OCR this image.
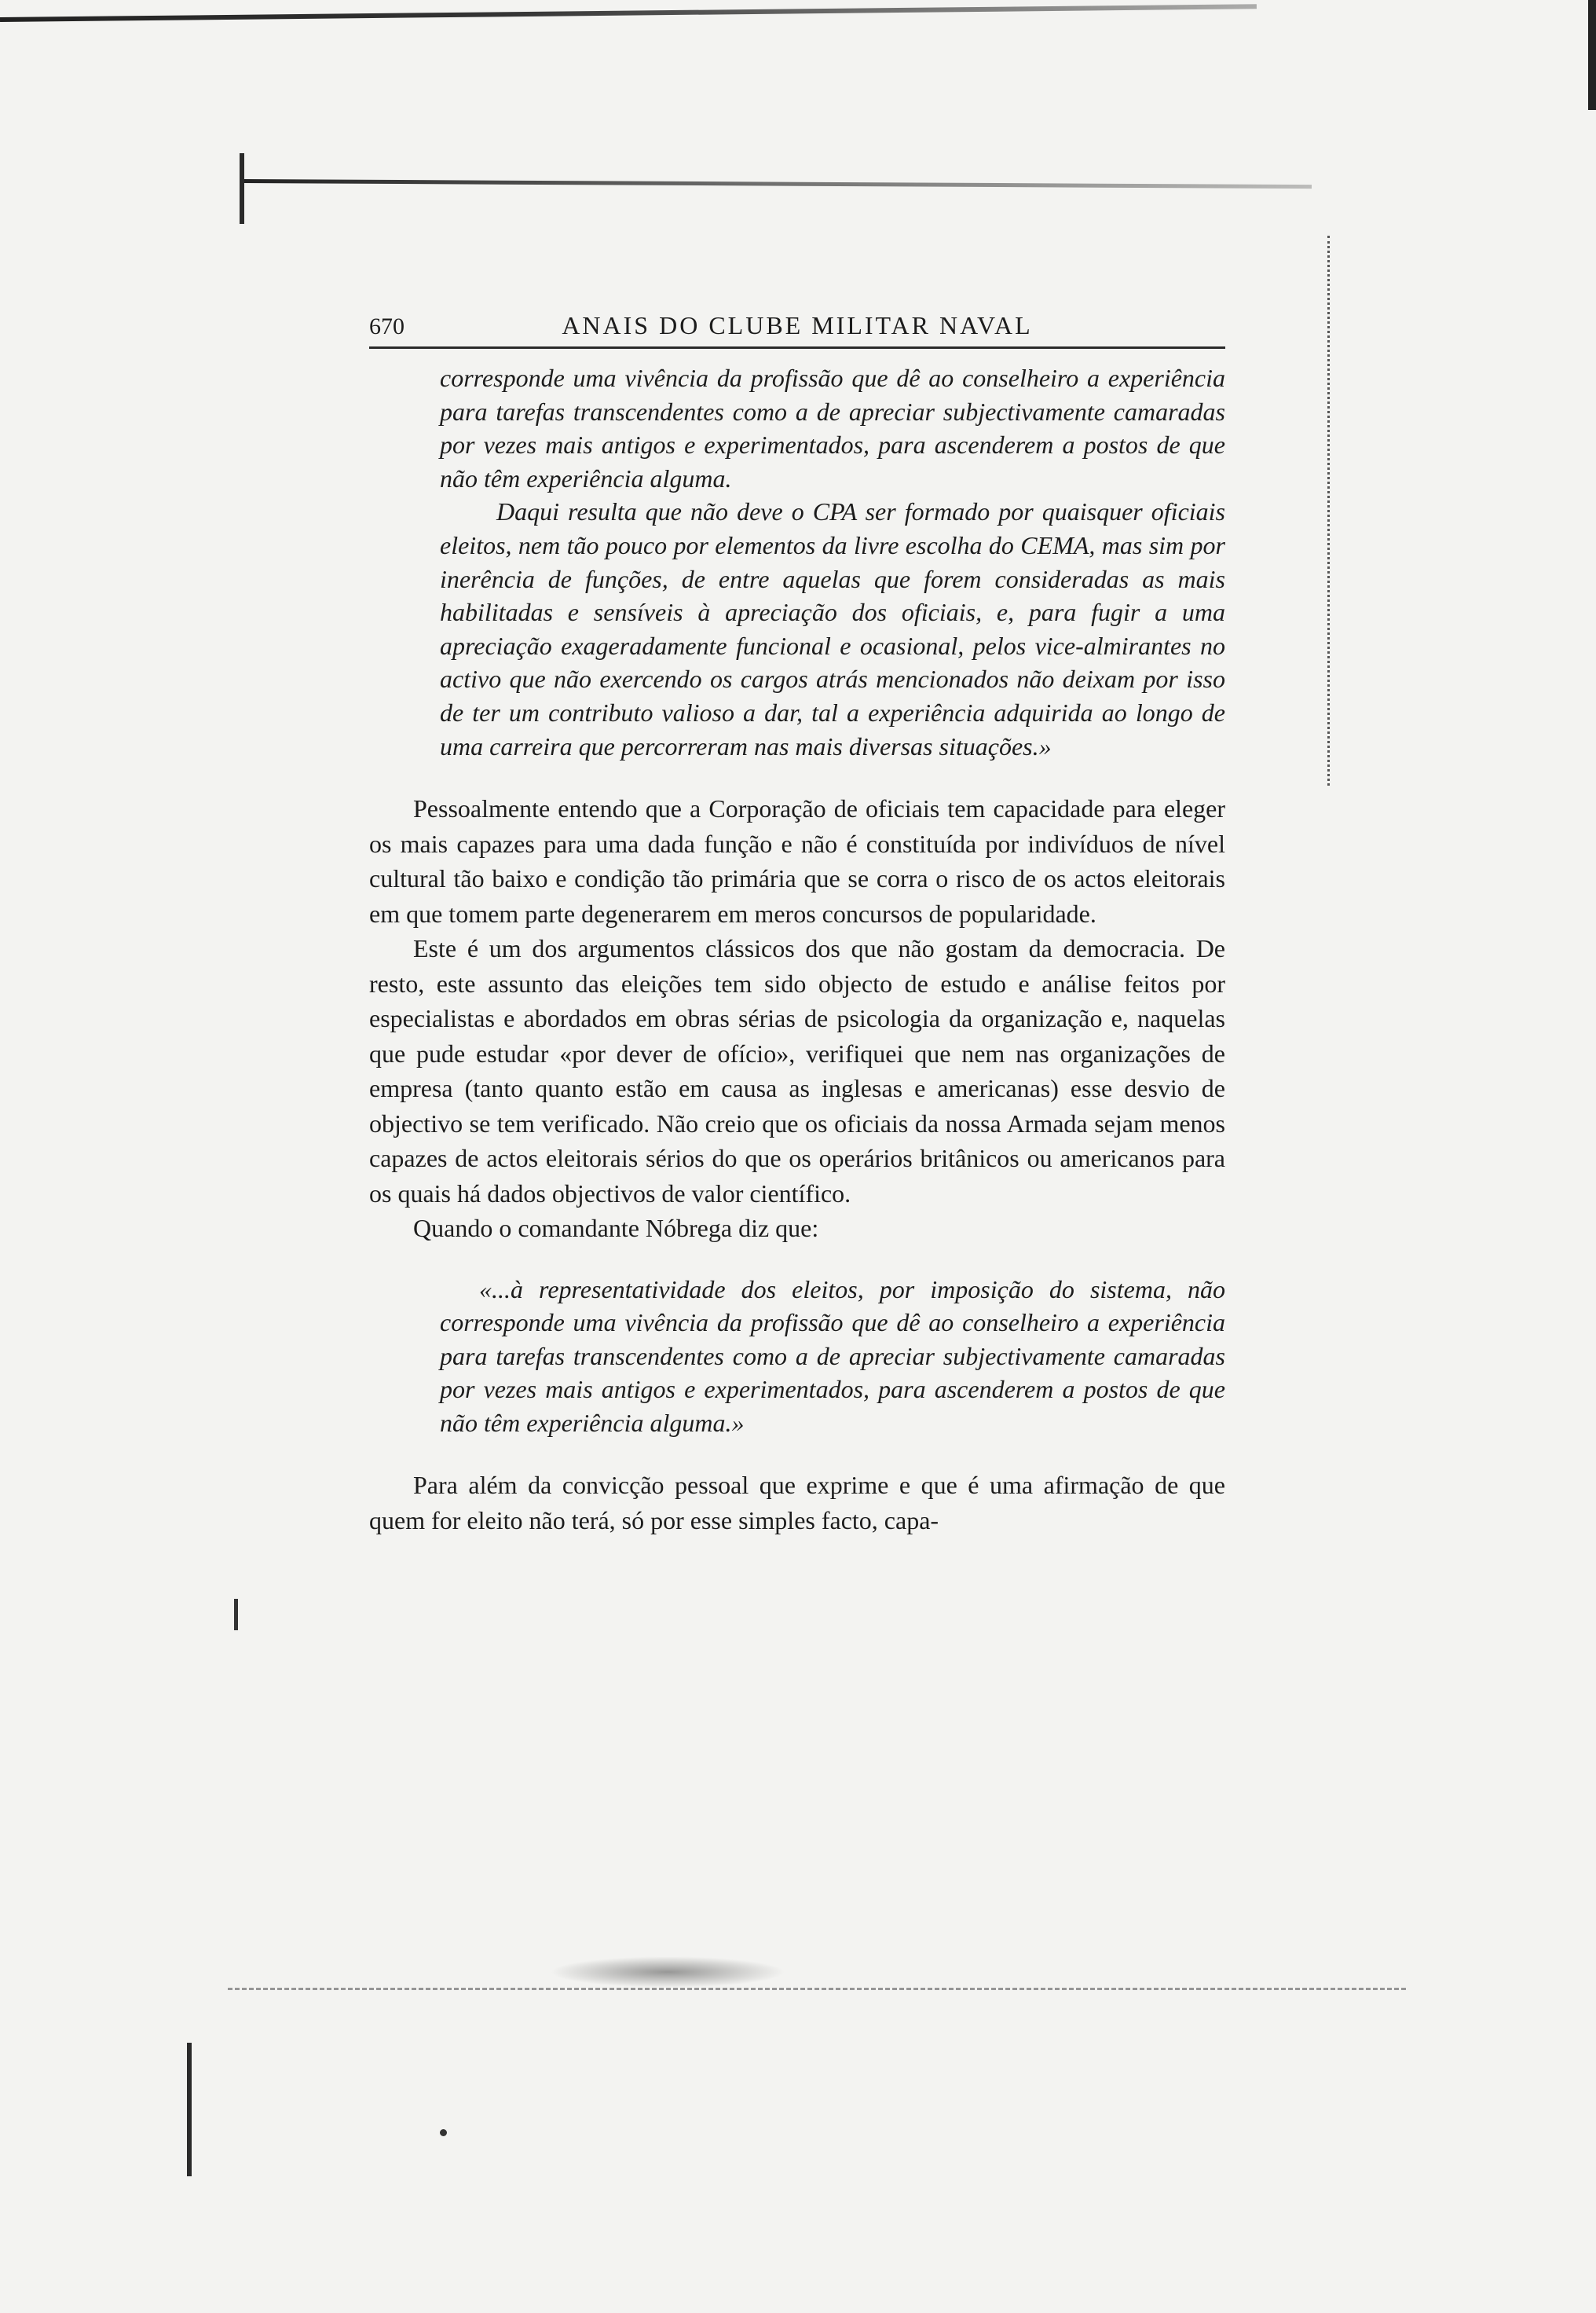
670	ANAIS DO CLUBE MILITAR NAVAL

corresponde uma vivência da profissão que dê ao conselheiro a experiência para tarefas transcendentes como a de apreciar subjectivamente camaradas por vezes mais antigos e experimentados, para ascenderem a postos de que não têm experiência alguma.

Daqui resulta que não deve o CPA ser formado por quaisquer oficiais eleitos, nem tão pouco por elementos da livre escolha do CEMA, mas sim por inerência de funções, de entre aquelas que forem consideradas as mais habilitadas e sensíveis à apreciação dos oficiais, e, para fugir a uma apreciação exageradamente funcional e ocasional, pelos vice-almirantes no activo que não exercendo os cargos atrás mencionados não deixam por isso de ter um contributo valioso a dar, tal a experiência adquirida ao longo de uma carreira que percorreram nas mais diversas situações.»

Pessoalmente entendo que a Corporação de oficiais tem capacidade para eleger os mais capazes para uma dada função e não é constituída por indivíduos de nível cultural tão baixo e condição tão primária que se corra o risco de os actos eleitorais em que tomem parte degenerarem em meros concursos de popularidade.

Este é um dos argumentos clássicos dos que não gostam da democracia. De resto, este assunto das eleições tem sido objecto de estudo e análise feitos por especialistas e abordados em obras sérias de psicologia da organização e, naquelas que pude estudar «por dever de ofício», verifiquei que nem nas organizações de empresa (tanto quanto estão em causa as inglesas e americanas) esse desvio de objectivo se tem verificado. Não creio que os oficiais da nossa Armada sejam menos capazes de actos eleitorais sérios do que os operários britânicos ou americanos para os quais há dados objectivos de valor científico.

Quando o comandante Nóbrega diz que:

«...à representatividade dos eleitos, por imposição do sistema, não corresponde uma vivência da profissão que dê ao conselheiro a experiência para tarefas transcendentes como a de apreciar subjectivamente camaradas por vezes mais antigos e experimentados, para ascenderem a postos de que não têm experiência alguma.»

Para além da convicção pessoal que exprime e que é uma afirmação de que quem for eleito não terá, só por esse simples facto, capa-
